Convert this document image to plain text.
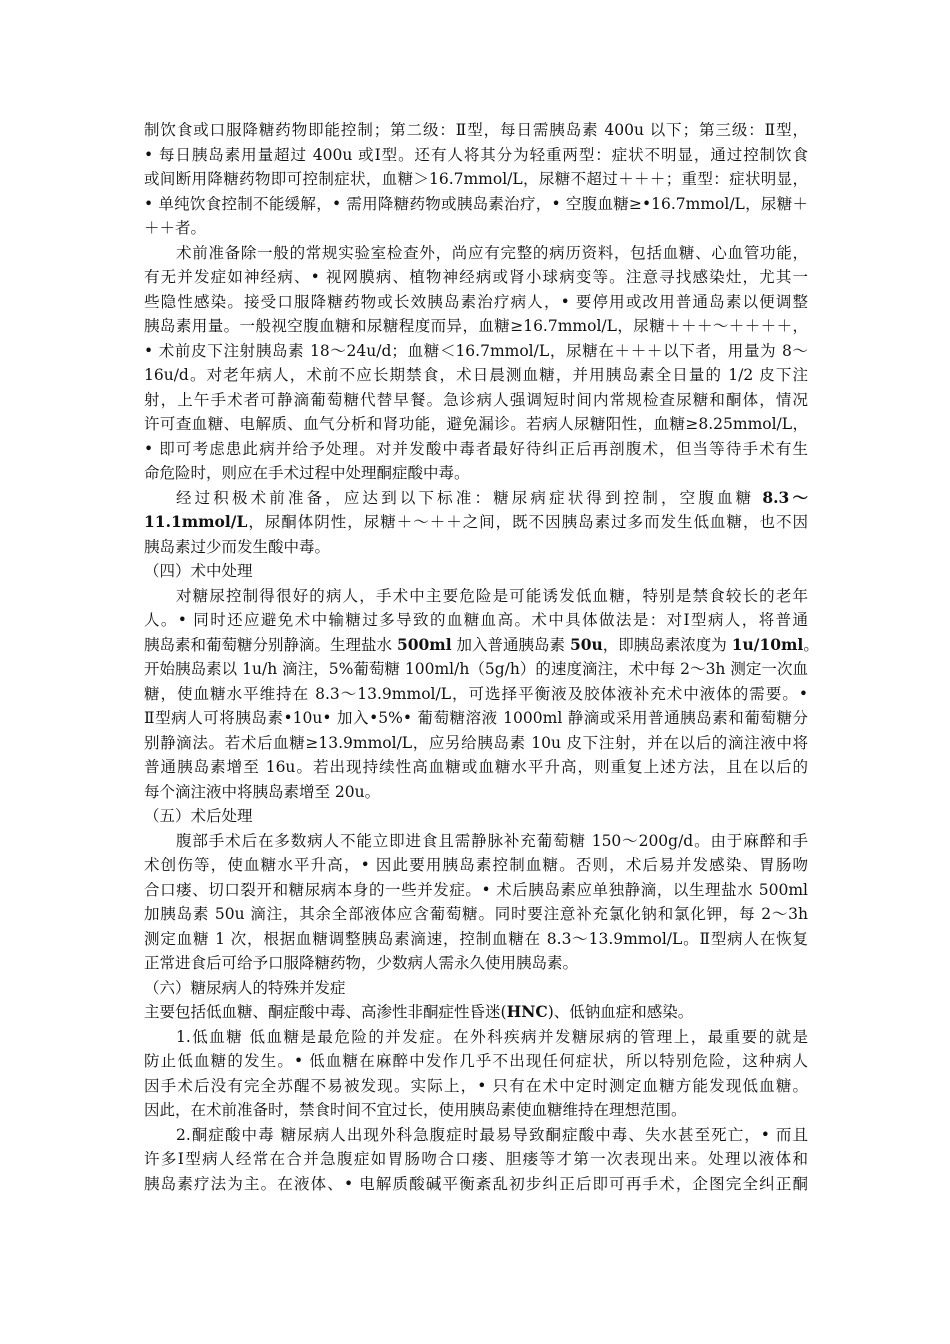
制饮食或口服降糖药物即能控制；第二级：Ⅱ型，每日需胰岛素 400u 以下；第三级：Ⅱ型，
• 每日胰岛素用量超过 400u 或Ⅰ型。还有人将其分为轻重两型：症状不明显，通过控制饮食
或间断用降糖药物即可控制症状，血糖＞16.7mmol/L，尿糖不超过＋＋＋；重型：症状明显，
• 单纯饮食控制不能缓解，• 需用降糖药物或胰岛素治疗，• 空腹血糖≥•16.7mmol/L，尿糖＋
＋＋者。
术前准备除一般的常规实验室检查外，尚应有完整的病历资料，包括血糖、心血管功能，
有无并发症如神经病、• 视网膜病、植物神经病或肾小球病变等。注意寻找感染灶，尤其一
些隐性感染。接受口服降糖药物或长效胰岛素治疗病人，• 要停用或改用普通岛素以便调整
胰岛素用量。一般视空腹血糖和尿糖程度而异，血糖≥16.7mmol/L，尿糖＋＋＋～＋＋＋＋，
• 术前皮下注射胰岛素 18～24u/d；血糖＜16.7mmol/L，尿糖在＋＋＋以下者，用量为 8～
16u/d。对老年病人，术前不应长期禁食，术日晨测血糖，并用胰岛素全日量的 1/2 皮下注
射，上午手术者可静滴葡萄糖代替早餐。急诊病人强调短时间内常规检查尿糖和酮体，情况
许可查血糖、电解质、血气分析和肾功能，避免漏诊。若病人尿糖阳性，血糖≥8.25mmol/L，
• 即可考虑患此病并给予处理。对并发酸中毒者最好待纠正后再剖腹术，但当等待手术有生
命危险时，则应在手术过程中处理酮症酸中毒。
经过积极术前准备，应达到以下标准：糖尿病症状得到控制，空腹血糖 8.3～
11.1mmol/L，尿酮体阴性，尿糖＋～＋＋之间，既不因胰岛素过多而发生低血糖，也不因
胰岛素过少而发生酸中毒。
（四）术中处理
对糖尿控制得很好的病人，手术中主要危险是可能诱发低血糖，特别是禁食较长的老年
人。• 同时还应避免术中输糖过多导致的血糖血高。术中具体做法是：对Ⅰ型病人，将普通
胰岛素和葡萄糖分别静滴。生理盐水 500ml 加入普通胰岛素 50u，即胰岛素浓度为 1u/10ml。
开始胰岛素以 1u/h 滴注，5%葡萄糖 100ml/h（5g/h）的速度滴注，术中每 2～3h 测定一次血
糖，使血糖水平维持在 8.3～13.9mmol/L，可选择平衡液及胶体液补充术中液体的需要。•
Ⅱ型病人可将胰岛素•10u• 加入•5%• 葡萄糖溶液 1000ml 静滴或采用普通胰岛素和葡萄糖分
别静滴法。若术后血糖≥13.9mmol/L，应另给胰岛素 10u 皮下注射，并在以后的滴注液中将
普通胰岛素增至 16u。若出现持续性高血糖或血糖水平升高，则重复上述方法，且在以后的
每个滴注液中将胰岛素增至 20u。
（五）术后处理
腹部手术后在多数病人不能立即进食且需静脉补充葡萄糖 150～200g/d。由于麻醉和手
术创伤等，使血糖水平升高，• 因此要用胰岛素控制血糖。否则，术后易并发感染、胃肠吻
合口瘘、切口裂开和糖尿病本身的一些并发症。• 术后胰岛素应单独静滴，以生理盐水 500ml
加胰岛素 50u 滴注，其余全部液体应含葡萄糖。同时要注意补充氯化钠和氯化钾，每 2～3h
测定血糖 1 次，根据血糖调整胰岛素滴速，控制血糖在 8.3～13.9mmol/L。Ⅱ型病人在恢复
正常进食后可给予口服降糖药物，少数病人需永久使用胰岛素。
（六）糖尿病人的特殊并发症
主要包括低血糖、酮症酸中毒、高渗性非酮症性昏迷(HNC)、低钠血症和感染。
1.低血糖 低血糖是最危险的并发症。在外科疾病并发糖尿病的管理上，最重要的就是
防止低血糖的发生。• 低血糖在麻醉中发作几乎不出现任何症状，所以特别危险，这种病人
因手术后没有完全苏醒不易被发现。实际上，• 只有在术中定时测定血糖方能发现低血糖。
因此，在术前准备时，禁食时间不宜过长，使用胰岛素使血糖维持在理想范围。
2.酮症酸中毒 糖尿病人出现外科急腹症时最易导致酮症酸中毒、失水甚至死亡，• 而且
许多Ⅰ型病人经常在合并急腹症如胃肠吻合口瘘、胆瘘等才第一次表现出来。处理以液体和
胰岛素疗法为主。在液体、• 电解质酸碱平衡紊乱初步纠正后即可再手术，企图完全纠正酮
